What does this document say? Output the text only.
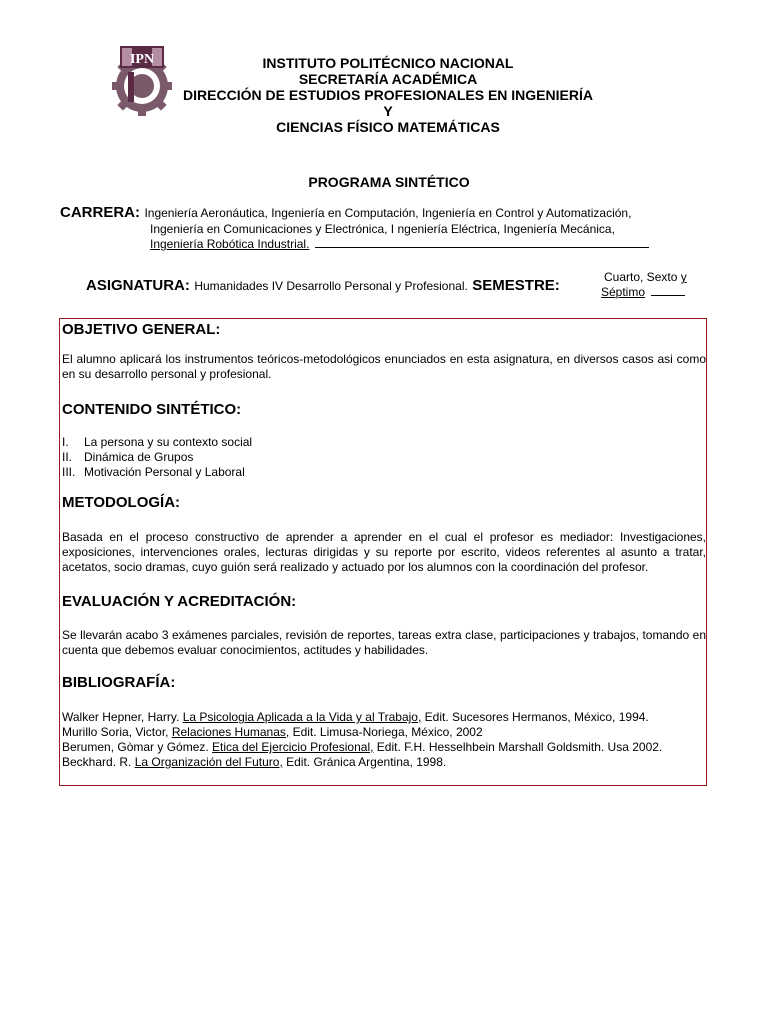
IPN	INSTITUTO POLITÉCNICO NACIONAL
SECRETARÍA ACADÉMICA
DIRECCIÓN DE ESTUDIOS PROFESIONALES EN INGENIERÍA Y
CIENCIAS FÍSICO MATEMÁTICAS
PROGRAMA SINTÉTICO
CARRERA: Ingeniería Aeronáutica, Ingeniería en Computación, Ingeniería en Control y Automatización,
Ingeniería en Comunicaciones y Electrónica, I ngeniería Eléctrica, Ingeniería Mecánica,
Ingeniería Robótica Industrial.
ASIGNATURA: Humanidades IV Desarrollo Personal y Profesional. SEMESTRE:	Cuarto, Sexto y
Séptimo
OBJETIVO GENERAL:

El alumno aplicará los instrumentos teóricos-metodológicos enunciados en esta asignatura, en diversos casos asi como en su desarrollo personal y profesional.

CONTENIDO SINTÉTICO:
I. La persona y su contexto social
II. Dinámica de Grupos
III. Motivación Personal y Laboral
METODOLOGÍA:

Basada en el proceso constructivo de aprender a aprender en el cual el profesor es mediador: Investigaciones, exposiciones, intervenciones orales, lecturas dirigidas y su reporte por escrito, videos referentes al asunto a tratar, acetatos, socio dramas, cuyo guión será realizado y actuado por los alumnos con la coordinación del profesor.

EVALUACIÓN Y ACREDITACIÓN:

Se llevarán acabo 3 exámenes parciales, revisión de reportes, tareas extra clase, participaciones y trabajos, tomando en cuenta que debemos evaluar conocimientos, actitudes y habilidades.

BIBLIOGRAFÍA:
Walker Hepner, Harry. La Psicologia Aplicada a la Vida y al Trabajo, Edit. Sucesores Hermanos, México, 1994.
Murillo Soria, Victor, Relaciones Humanas, Edit. Limusa-Noriega, México, 2002
Berumen, Gòmar y Gómez. Etica del Ejercicio Profesional, Edit. F.H. Hesselhbein Marshall Goldsmith. Usa 2002.
Beckhard. R. La Organización del Futuro, Edit. Gránica Argentina, 1998.
